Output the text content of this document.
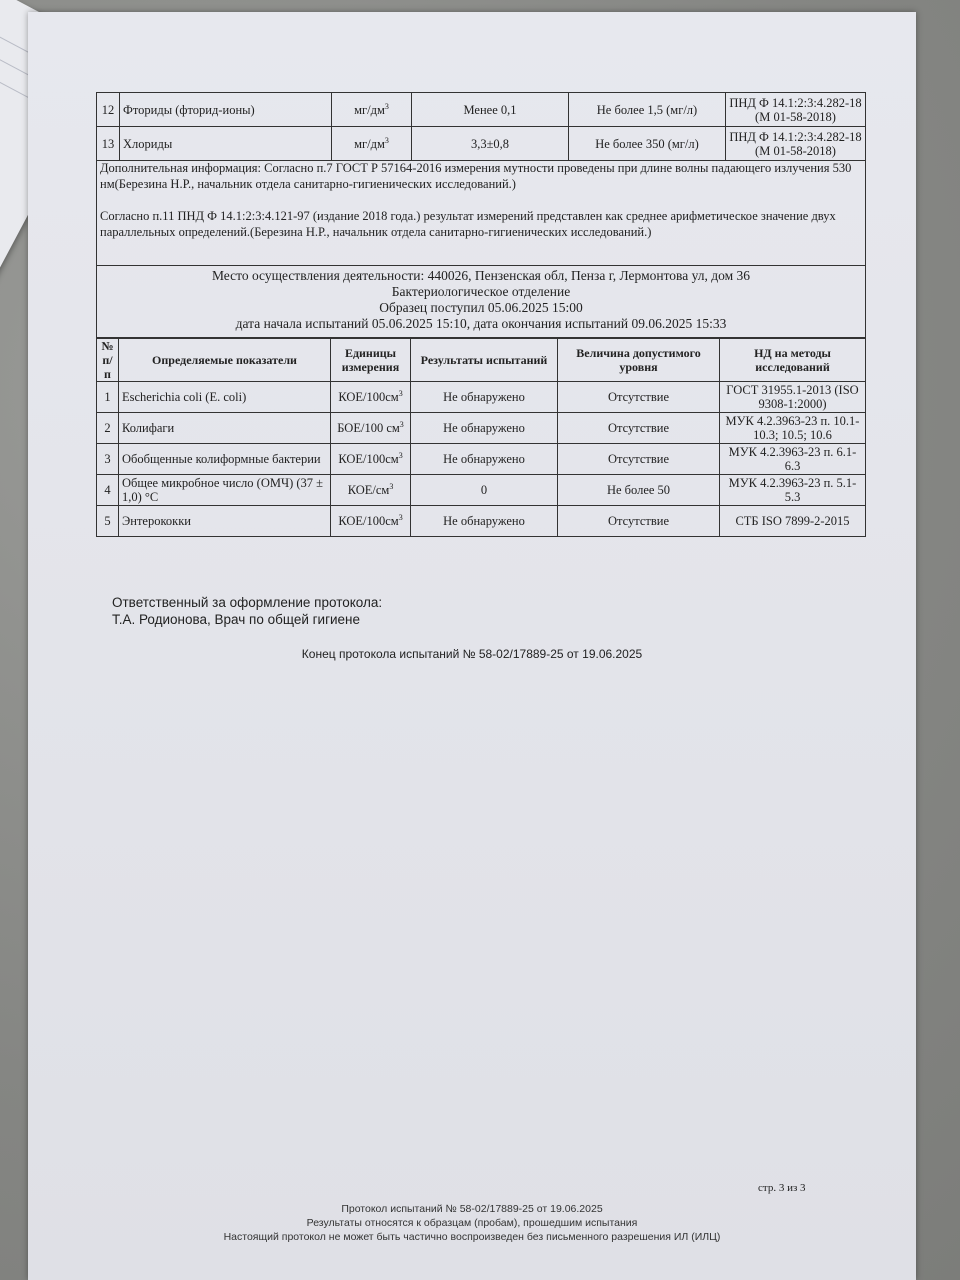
12	Фториды (фторид-ионы)	$мг/дм^3$	Менее 0,1	Не более 1,5 (мг/л)	ПНД Ф 14.1:2:3:4.282-18 (М 01-58-2018)
13	Хлориды	$мг/дм^3$	3,3±0,8	Не более 350 (мг/л)	ПНД Ф 14.1:2:3:4.282-18 (М 01-58-2018)

Дополнительная информация: Согласно п.7 ГОСТ Р 57164-2016 измерения мутности проведены при длине волны падающего излучения 530 нм(Березина Н.Р., начальник отдела санитарно-гигиенических исследований.)

Согласно п.11 ПНД Ф 14.1:2:3:4.121-97 (издание 2018 года.) результат измерений представлен как среднее арифметическое значение двух параллельных определений.(Березина Н.Р., начальник отдела санитарно-гигиенических исследований.)

Место осуществления деятельности: 440026, Пензенская обл, Пенза г, Лермонтова ул, дом 36
Бактериологическое отделение
Образец поступил 05.06.2025 15:00
дата начала испытаний 05.06.2025 15:10, дата окончания испытаний 09.06.2025 15:33
№ п/п	Определяемые показатели	Единицы измерения	Результаты испытаний	Величина допустимого уровня	НД на методы исследований
1	Escherichia coli (E. coli)	КОЕ/$100см^3$	Не обнаружено	Отсутствие	ГОСТ 31955.1-2013 (ISO 9308-1:2000)
2	Колифаги	БОЕ/100 $см^3$	Не обнаружено	Отсутствие	МУК 4.2.3963-23 п. 10.1-10.3; 10.5; 10.6
3	Обобщенные колиформные бактерии	КОЕ/$100см^3$	Не обнаружено	Отсутствие	МУК 4.2.3963-23 п. 6.1-6.3
4	Общее микробное число (ОМЧ) (37 ± 1,0) °С	КОЕ/$см^3$	0	Не более 50	МУК 4.2.3963-23 п. 5.1-5.3
5	Энтерококки	КОЕ/$100см^3$	Не обнаружено	Отсутствие	СТБ ISO 7899-2-2015
Ответственный за оформление протокола:
Т.А. Родионова, Врач по общей гигиене
Конец протокола испытаний № 58-02/17889-25 от 19.06.2025
стр. 3 из 3
Протокол испытаний № 58-02/17889-25 от 19.06.2025
Результаты относятся к образцам (пробам), прошедшим испытания
Настоящий протокол не может быть частично воспроизведен без письменного разрешения ИЛ (ИЛЦ)
